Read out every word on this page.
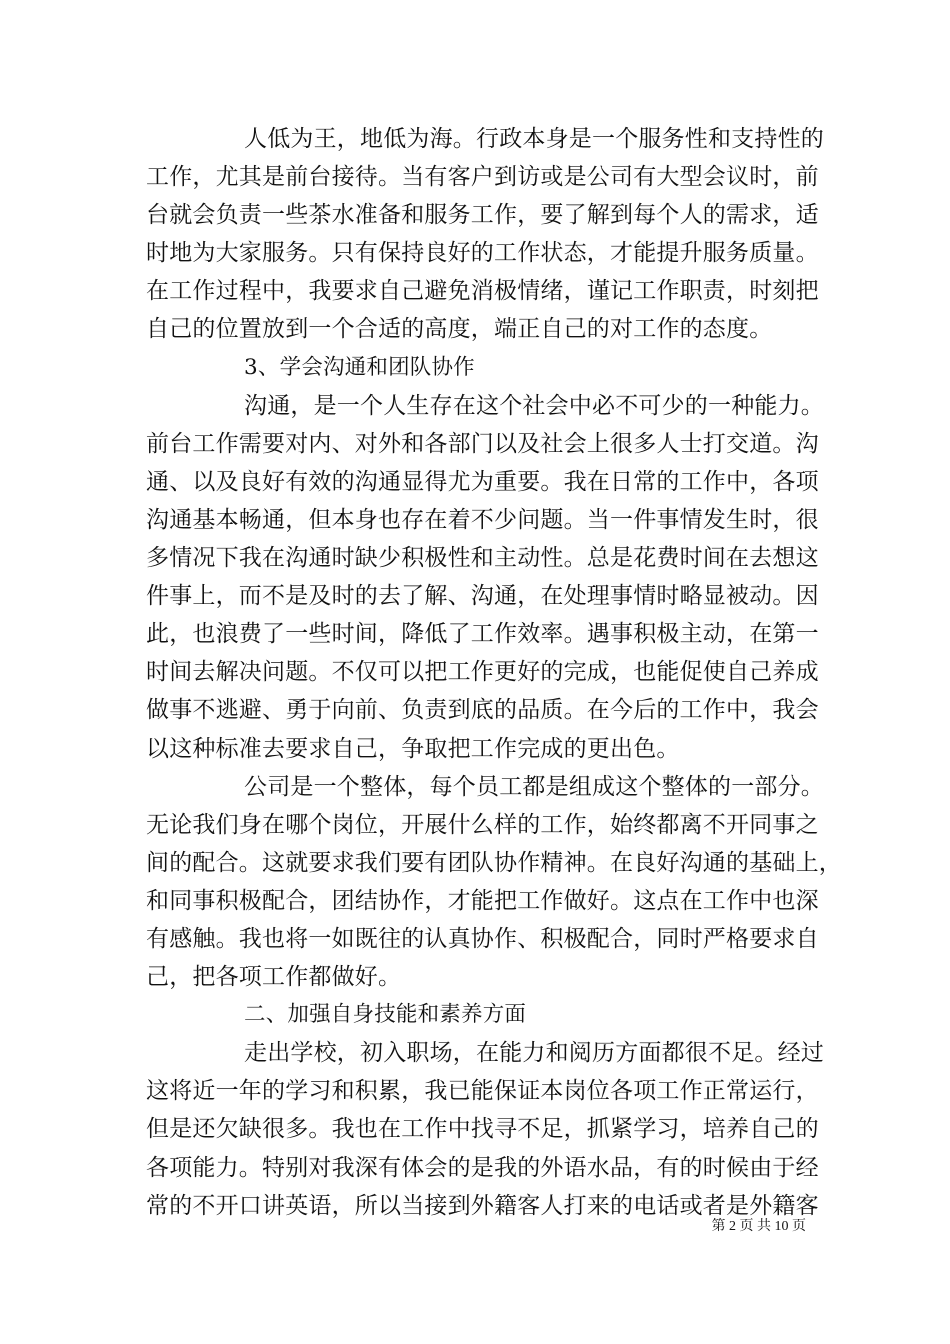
人低为王，地低为海。行政本身是一个服务性和支持性的
工作，尤其是前台接待。当有客户到访或是公司有大型会议时，前
台就会负责一些茶水准备和服务工作，要了解到每个人的需求，适
时地为大家服务。只有保持良好的工作状态，才能提升服务质量。
在工作过程中，我要求自己避免消极情绪，谨记工作职责，时刻把
自己的位置放到一个合适的高度，端正自己的对工作的态度。
3、学会沟通和团队协作
沟通，是一个人生存在这个社会中必不可少的一种能力。
前台工作需要对内、对外和各部门以及社会上很多人士打交道。沟
通、以及良好有效的沟通显得尤为重要。我在日常的工作中，各项
沟通基本畅通，但本身也存在着不少问题。当一件事情发生时，很
多情况下我在沟通时缺少积极性和主动性。总是花费时间在去想这
件事上，而不是及时的去了解、沟通，在处理事情时略显被动。因
此，也浪费了一些时间，降低了工作效率。遇事积极主动，在第一
时间去解决问题。不仅可以把工作更好的完成，也能促使自己养成
做事不逃避、勇于向前、负责到底的品质。在今后的工作中，我会
以这种标准去要求自己，争取把工作完成的更出色。
公司是一个整体，每个员工都是组成这个整体的一部分。
无论我们身在哪个岗位，开展什么样的工作，始终都离不开同事之
间的配合。这就要求我们要有团队协作精神。在良好沟通的基础上，
和同事积极配合，团结协作，才能把工作做好。这点在工作中也深
有感触。我也将一如既往的认真协作、积极配合，同时严格要求自
己，把各项工作都做好。
二、加强自身技能和素养方面
走出学校，初入职场，在能力和阅历方面都很不足。经过
这将近一年的学习和积累，我已能保证本岗位各项工作正常运行，
但是还欠缺很多。我也在工作中找寻不足，抓紧学习，培养自己的
各项能力。特别对我深有体会的是我的外语水品，有的时候由于经
常的不开口讲英语，所以当接到外籍客人打来的电话或者是外籍客
第 2 页 共 10 页
